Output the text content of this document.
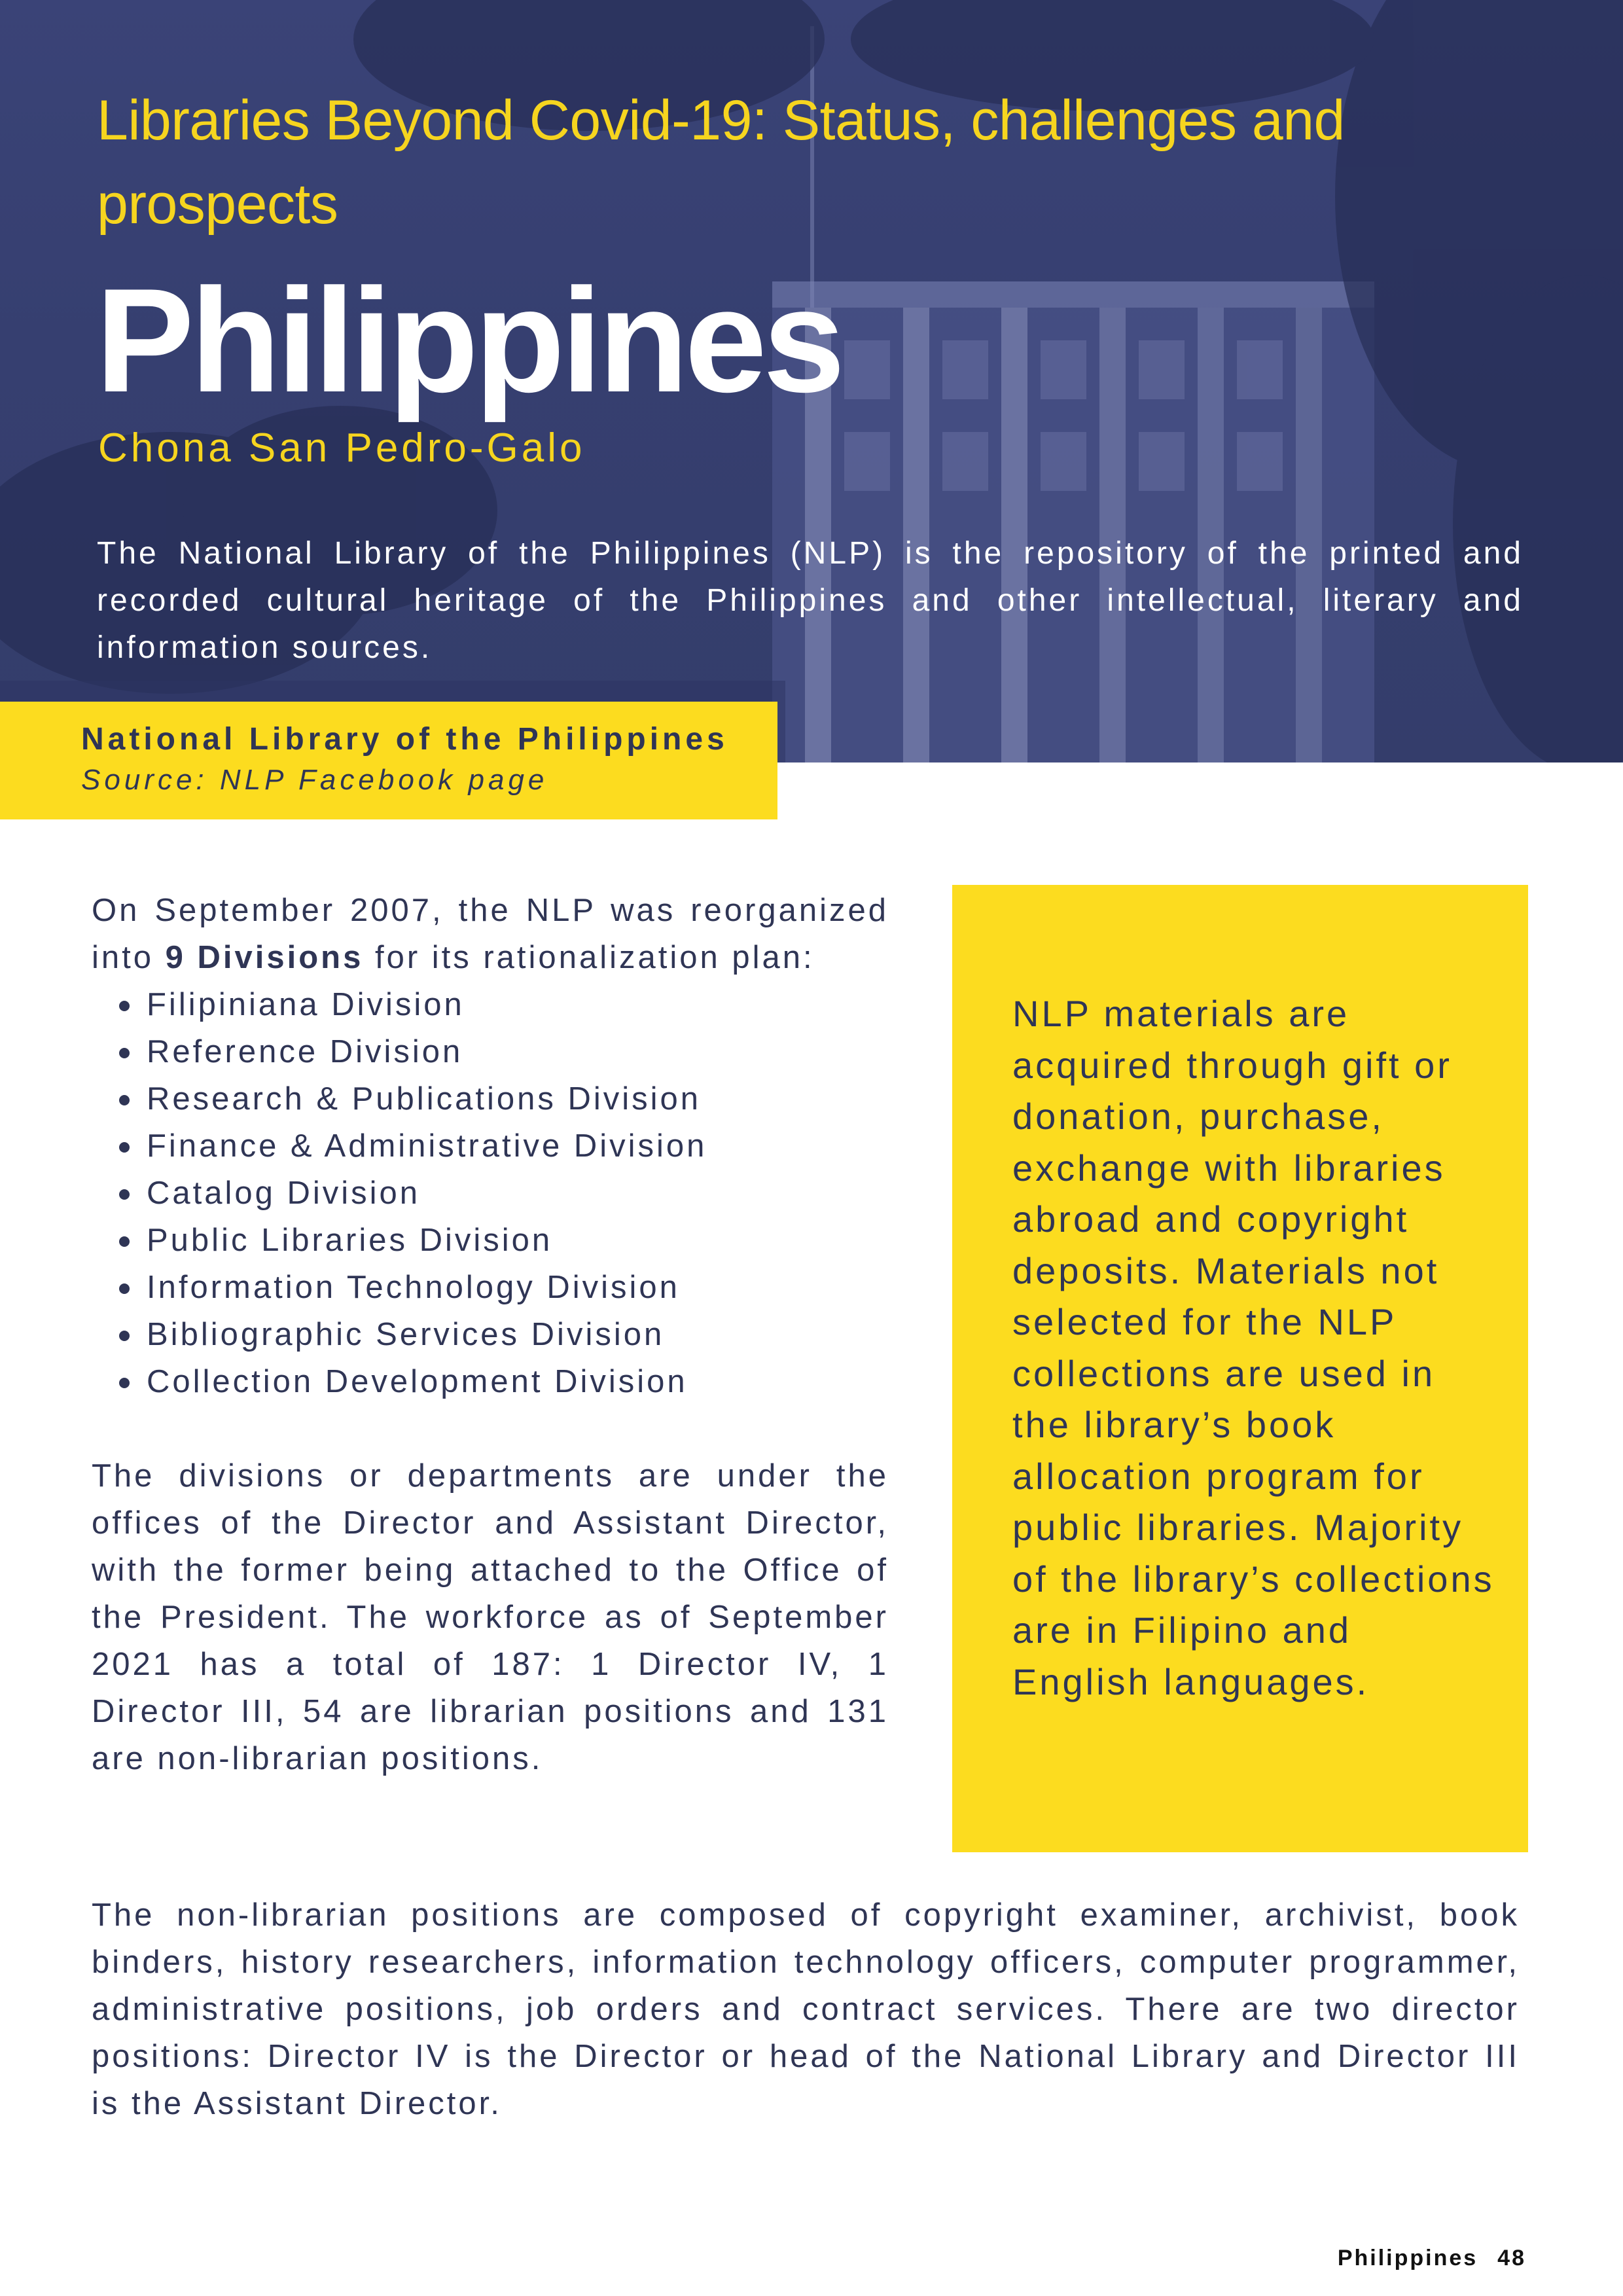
Libraries Beyond Covid-19: Status, challenges and prospects
Philippines
Chona San Pedro-Galo

The National Library of the Philippines (NLP) is the repository of the printed and recorded cultural heritage of the Philippines and other intellectual, literary and information sources.

National Library of the Philippines
Source: NLP Facebook page

On September 2007, the NLP was reorganized into 9 Divisions for its rationalization plan:

Filipiniana Division
Reference Division
Research & Publications Division
Finance & Administrative Division
Catalog Division
Public Libraries Division
Information Technology Division
Bibliographic Services Division
Collection Development Division

The divisions or departments are under the offices of the Director and Assistant Director, with the former being attached to the Office of the President. The workforce as of September 2021 has a total of 187: 1 Director IV, 1 Director III, 54 are librarian positions and 131 are non-librarian positions.

NLP materials are acquired through gift or donation, purchase, exchange with libraries abroad and copyright deposits. Materials not selected for the NLP collections are used in the library’s book allocation program for public libraries. Majority of the library’s collections are in Filipino and English languages.

The non-librarian positions are composed of copyright examiner, archivist, book binders, history researchers, information technology officers, computer programmer, administrative positions, job orders and contract services. There are two director positions: Director IV is the Director or head of the National Library and Director III is the Assistant Director.

Philippines 48
